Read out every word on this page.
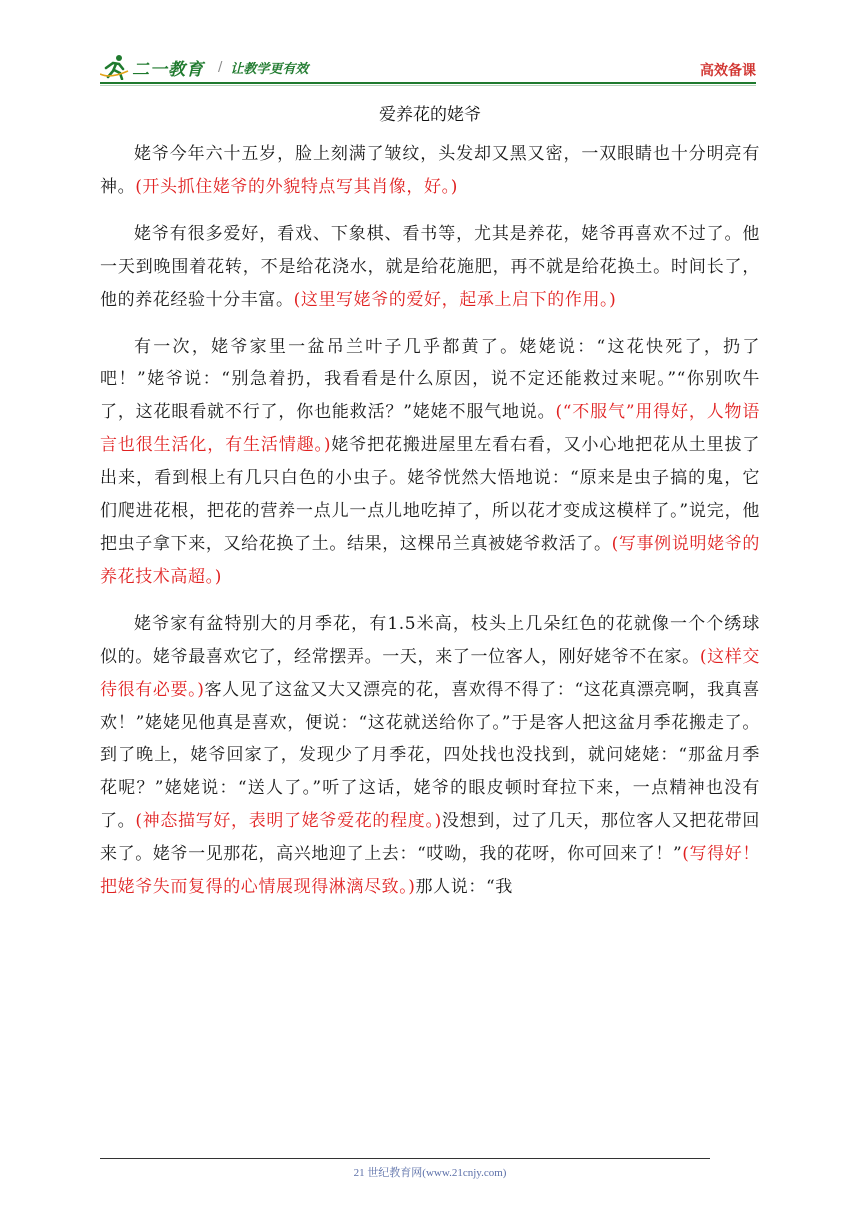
二一教育 / 让教学更有效	高效备课
爱养花的姥爷

姥爷今年六十五岁，脸上刻满了皱纹，头发却又黑又密，一双眼睛也十分明亮有神。(开头抓住姥爷的外貌特点写其肖像，好。)

姥爷有很多爱好，看戏、下象棋、看书等，尤其是养花，姥爷再喜欢不过了。他一天到晚围着花转，不是给花浇水，就是给花施肥，再不就是给花换土。时间长了，他的养花经验十分丰富。(这里写姥爷的爱好，起承上启下的作用。)

有一次，姥爷家里一盆吊兰叶子几乎都黄了。姥姥说：“这花快死了，扔了吧！”姥爷说：“别急着扔，我看看是什么原因，说不定还能救过来呢。”“你别吹牛了，这花眼看就不行了，你也能救活？”姥姥不服气地说。(“不服气”用得好，人物语言也很生活化，有生活情趣。)姥爷把花搬进屋里左看右看，又小心地把花从土里拔了出来，看到根上有几只白色的小虫子。姥爷恍然大悟地说：“原来是虫子搞的鬼，它们爬进花根，把花的营养一点儿一点儿地吃掉了，所以花才变成这模样了。”说完，他把虫子拿下来，又给花换了土。结果，这棵吊兰真被姥爷救活了。(写事例说明姥爷的养花技术高超。)

姥爷家有盆特别大的月季花，有1.5米高，枝头上几朵红色的花就像一个个绣球似的。姥爷最喜欢它了，经常摆弄。一天，来了一位客人，刚好姥爷不在家。(这样交待很有必要。)客人见了这盆又大又漂亮的花，喜欢得不得了：“这花真漂亮啊，我真喜欢！”姥姥见他真是喜欢，便说：“这花就送给你了。”于是客人把这盆月季花搬走了。到了晚上，姥爷回家了，发现少了月季花，四处找也没找到，就问姥姥：“那盆月季花呢？”姥姥说：“送人了。”听了这话，姥爷的眼皮顿时耷拉下来，一点精神也没有了。(神态描写好，表明了姥爷爱花的程度。)没想到，过了几天，那位客人又把花带回来了。姥爷一见那花，高兴地迎了上去：“哎呦，我的花呀，你可回来了！”(写得好！把姥爷失而复得的心情展现得淋漓尽致。)那人说：“我

21 世纪教育网(www.21cnjy.com)
